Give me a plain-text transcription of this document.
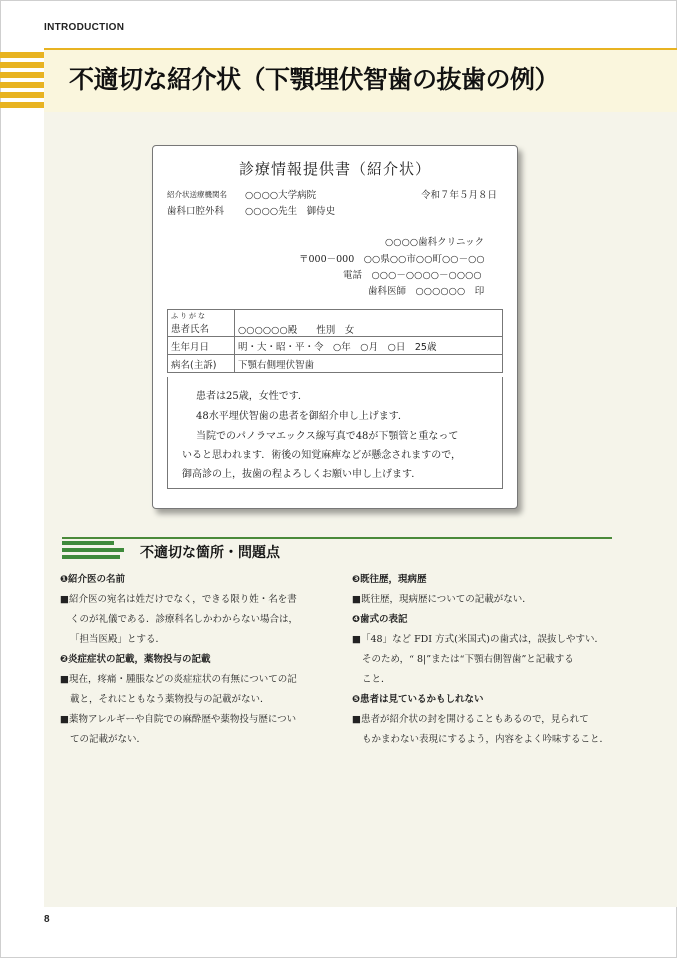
INTRODUCTION
不適切な紹介状（下顎埋伏智歯の抜歯の例）
診療情報提供書（紹介状）
紹介状送療機関名 ○○○○大学病院	令和７年５月８日
歯科口腔外科 ○○○○先生　御侍史
○○○○歯科クリニック
〒000－000　○○県○○市○○町○○－○○
電話　○○○－○○○○－○○○○
歯科医師　○○○○○○　印
ふりがな
患者氏名	○○○○○○殿　　性別　女
生年月日	明・大・昭・平・令　○年　○月　○日　25歳
病名(主訴)	下顎右側埋伏智歯
患者は25歳，女性です．
48水平埋伏智歯の患者を御紹介申し上げます．
当院でのパノラマエックス線写真で48が下顎管と重なって
いると思われます．術後の知覚麻痺などが懸念されますので，
御高診の上，抜歯の程よろしくお願い申し上げます．
不適切な箇所・問題点
❶紹介医の名前
■紹介医の宛名は姓だけでなく，できる限り姓・名を書
くのが礼儀である．診療科名しかわからない場合は，
「担当医殿」とする．
❷炎症症状の記載，薬物投与の記載
■現在，疼痛・腫脹などの炎症症状の有無についての記
載と，それにともなう薬物投与の記載がない．
■薬物アレルギーや自院での麻酔歴や薬物投与歴につい
ての記載がない．
❸既往歴，現病歴
■既往歴，現病歴についての記載がない．
❹歯式の表記
■「48」など FDI 方式(米国式)の歯式は，誤抜しやすい．
そのため，“ 8|”または“下顎右側智歯”と記載する
こと．
❺患者は見ているかもしれない
■患者が紹介状の封を開けることもあるので，見られて
もかまわない表現にするよう，内容をよく吟味すること．
8
